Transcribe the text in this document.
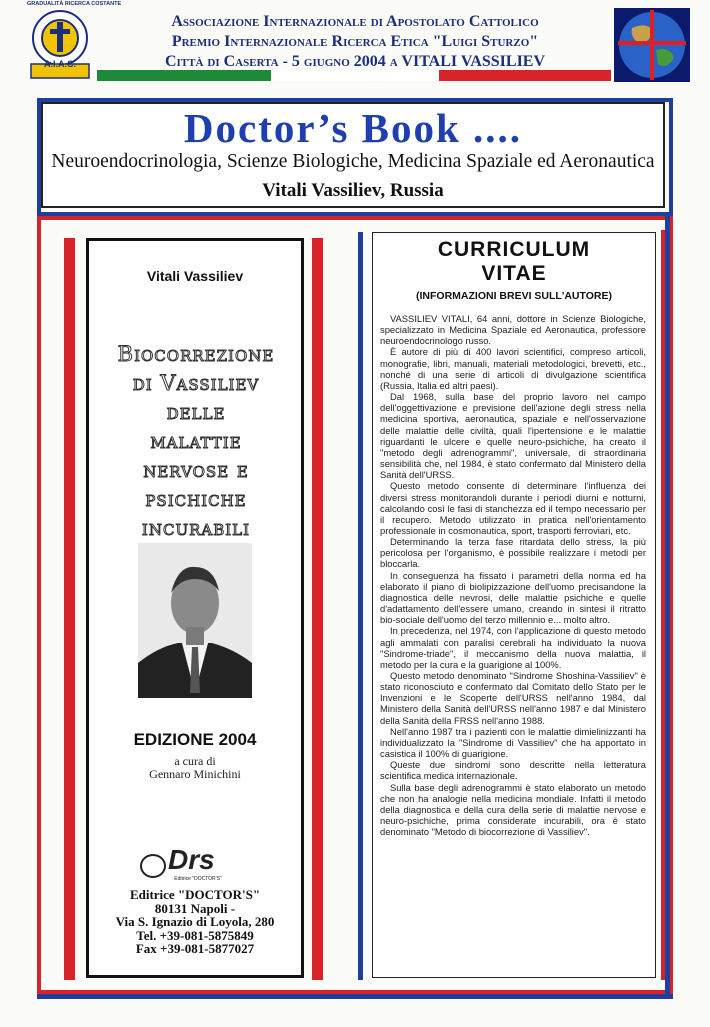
A.I.A.C.
GRADUALITÀ RICERCA COSTANTE
Associazione Internazionale di Apostolato Cattolico
Premio Internazionale Ricerca Etica "Luigi Sturzo"
Città di Caserta - 5 giugno 2004 a VITALI VASSILIEV
Doctor’s Book ....
Neuroendocrinologia, Scienze Biologiche, Medicina Spaziale ed Aeronautica
Vitali Vassiliev, Russia
Vitali Vassiliev
Biocorrezione
di Vassiliev
delle
malattie
nervose e
psichiche
incurabili
EDIZIONE 2004
a cura di
Gennaro Minichini
Drs
Editrice "DOCTOR'S"
Editrice "DOCTOR'S"
80131 Napoli -
Via S. Ignazio di Loyola, 280
Tel. +39-081-5875849
Fax +39-081-5877027
CURRICULUM
VITAE
(INFORMAZIONI BREVI SULL'AUTORE)

VASSILIEV VITALI, 64 anni, dottore in Scienze Biologiche, specializzato in Medicina Spaziale ed Aeronautica, professore neuroendocrinologo russo.

È autore di più di 400 lavori scientifici, compreso articoli, monografie, libri, manuali, materiali metodologici, brevetti, etc., nonché di una serie di articoli di divulgazione scientifica (Russia, Italia ed altri paesi).

Dal 1968, sulla base del proprio lavoro nel campo dell'oggettivazione e previsione dell'azione degli stress nella medicina sportiva, aeronautica, spaziale e nell'osservazione delle malattie delle civiltà, quali l'ipertensione e le malattie riguardanti le ulcere e quelle neuro-psichiche, ha creato il "metodo degli adrenogrammi", universale, di straordinaria sensibilità che, nel 1984, è stato confermato dal Ministero della Sanità dell'URSS.

Questo metodo consente di determinare l'influenza dei diversi stress monitorandoli durante i periodi diurni e notturni, calcolando così le fasi di stanchezza ed il tempo necessario per il recupero. Metodo utilizzato in pratica nell'orientamento professionale in cosmonautica, sport, trasporti ferroviari, etc.

Determinando la terza fase ritardata dello stress, la più pericolosa per l'organismo, è possibile realizzare i metodi per bloccarla.

In conseguenza ha fissato i parametri della norma ed ha elaborato il piano di biolipizzazione dell'uomo precisandone la diagnostica delle nevrosi, delle malattie psichiche e quelle d'adattamento dell'essere umano, creando in sintesi il ritratto bio-sociale dell'uomo del terzo millennio e... molto altro.

In precedenza, nel 1974, con l'applicazione di questo metodo agli ammalati con paralisi cerebrali ha individuato la nuova "Sindrome-triade", il meccanismo della nuova malattia, il metodo per la cura e la guarigione al 100%.

Questo metodo denominato "Sindrome Shoshina-Vassiliev" è stato riconosciuto e confermato dal Comitato dello Stato per le Invenzioni e le Scoperte dell'URSS nell'anno 1984, dal Ministero della Sanità dell'URSS nell'anno 1987 e dal Ministero della Sanità della FRSS nell'anno 1988.

Nell'anno 1987 tra i pazienti con le malattie dimielinizzanti ha individualizzato la "Sindrome di Vassiliev" che ha apportato in casistica il 100% di guarigione.

Queste due sindromi sono descritte nella letteratura scientifica medica internazionale.

Sulla base degli adrenogrammi è stato elaborato un metodo che non ha analogie nella medicina mondiale. Infatti il metodo della diagnostica e della cura della serie di malattie nervose e neuro-psichiche, prima considerate incurabili, ora è stato denominato "Metodo di biocorrezione di Vassiliev".
